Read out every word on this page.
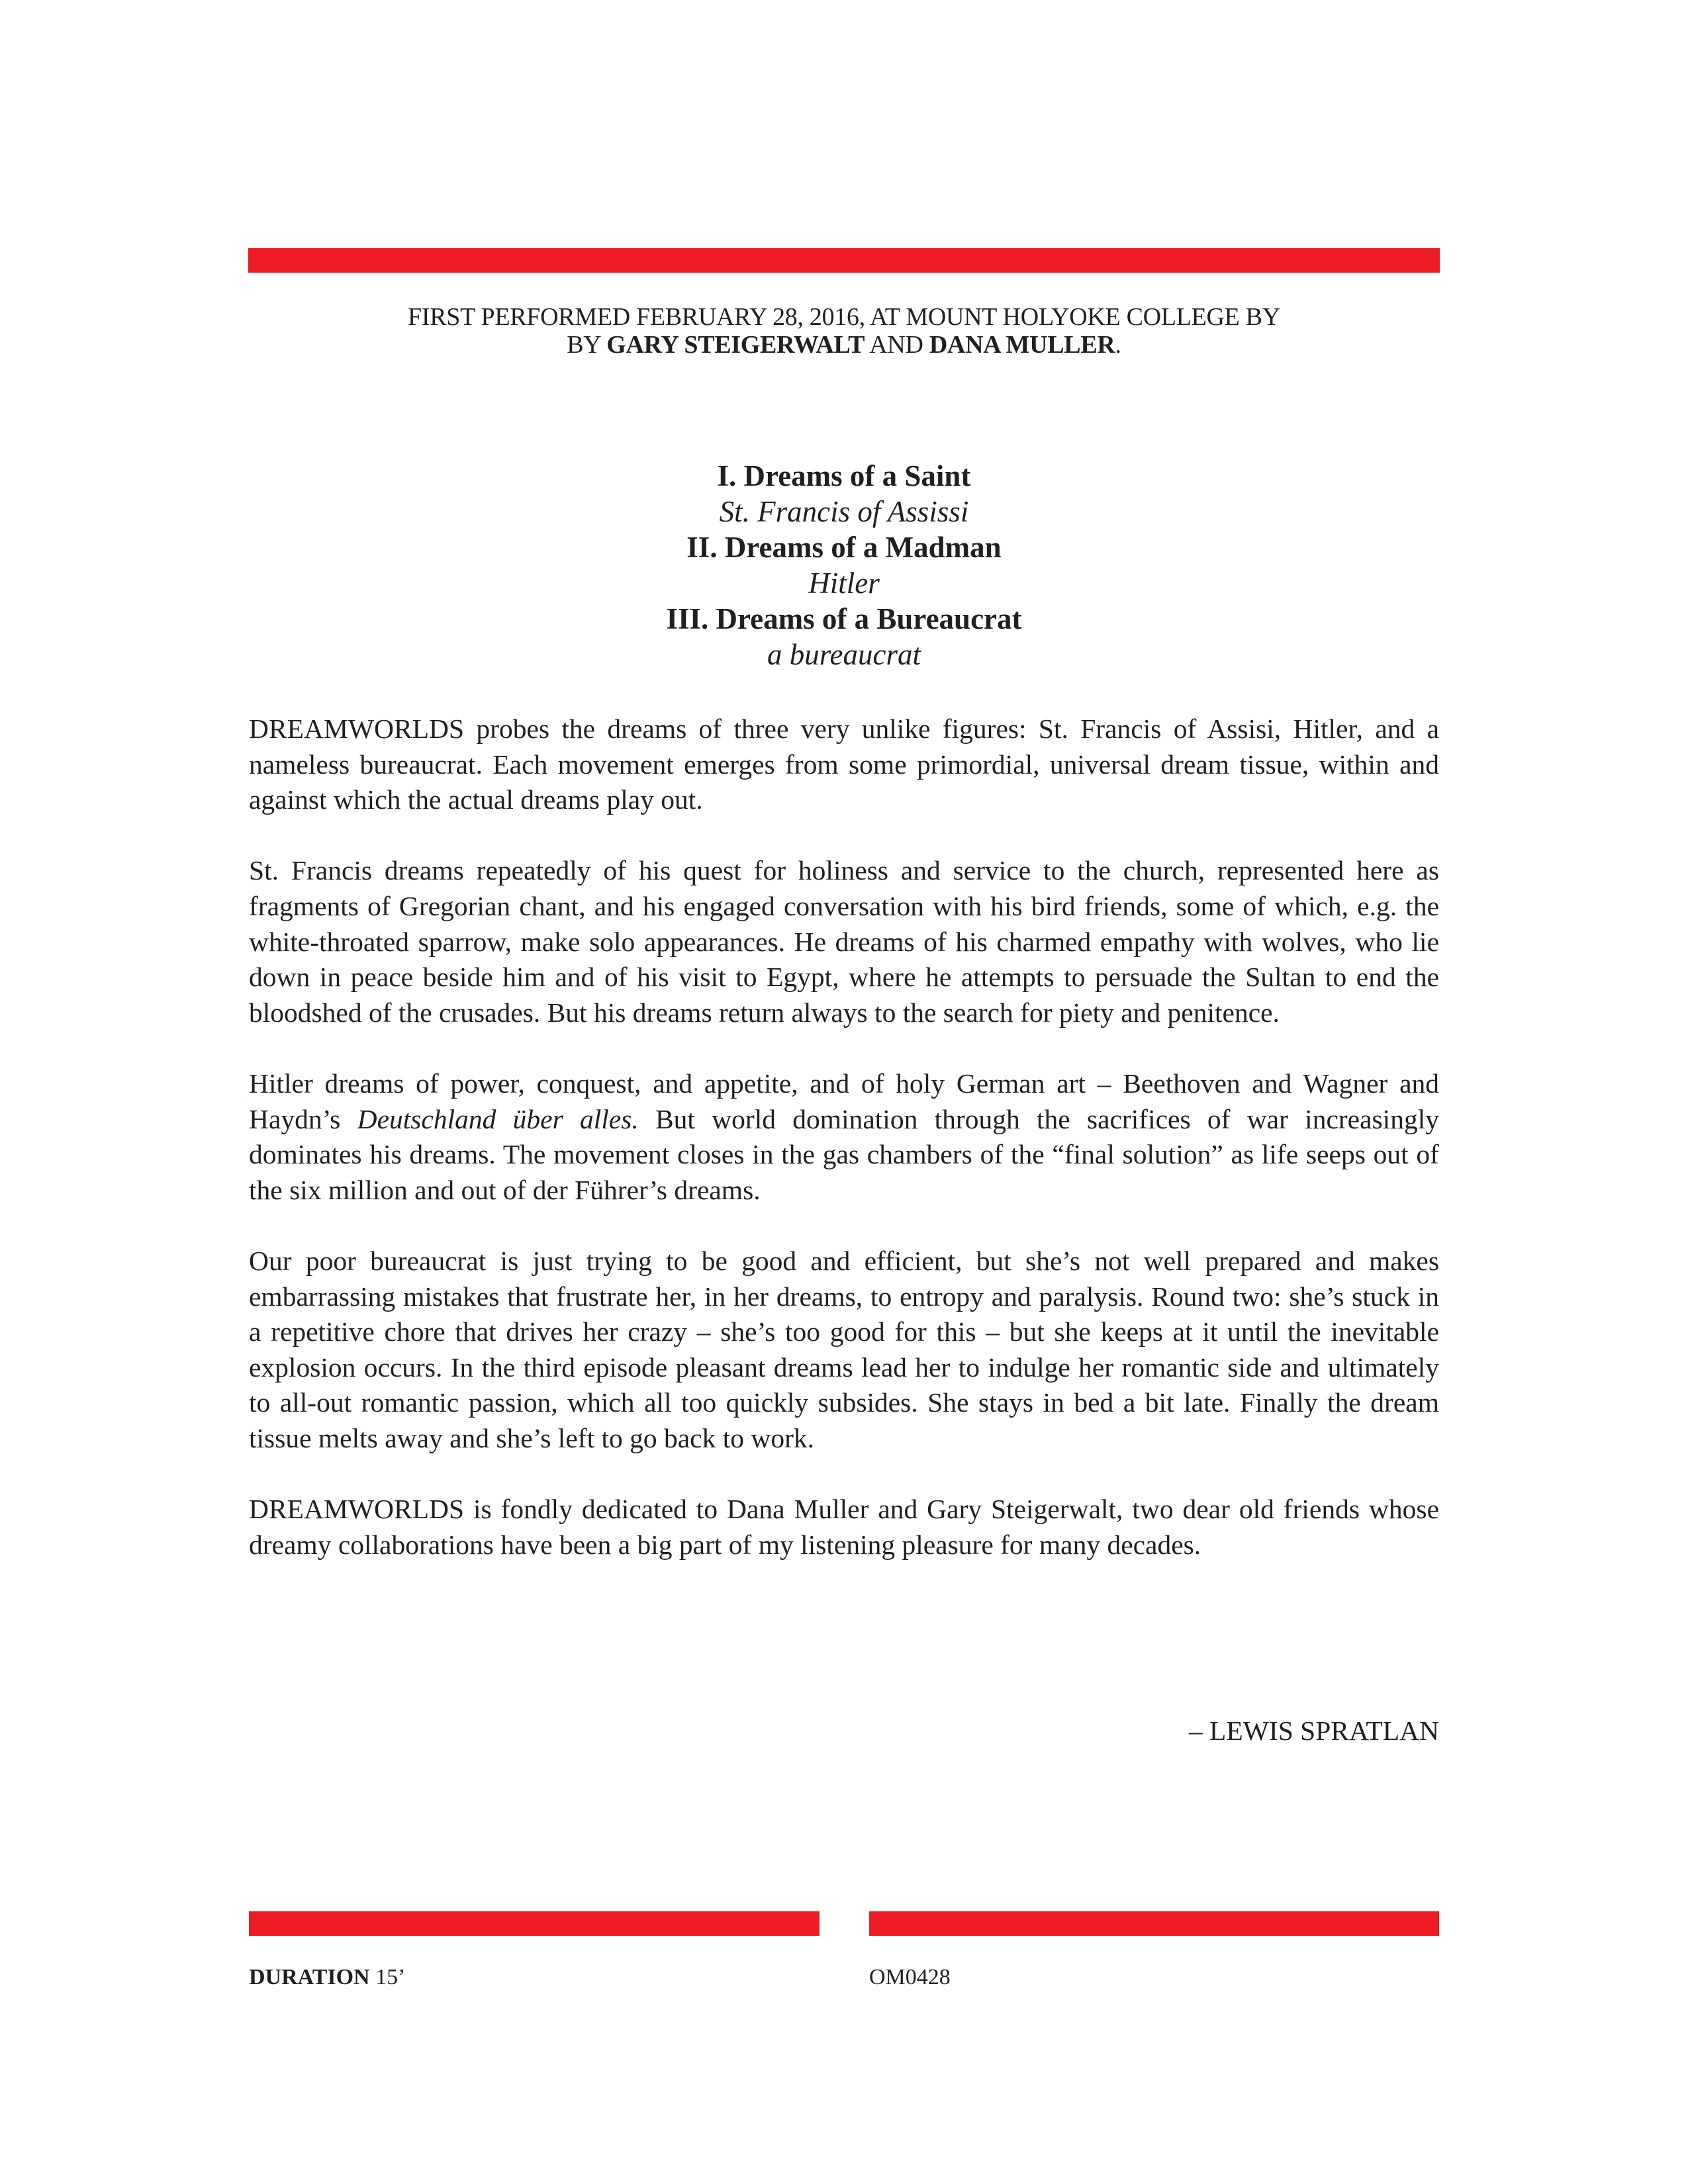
FIRST PERFORMED FEBRUARY 28, 2016, AT MOUNT HOLYOKE COLLEGE BY
BY GARY STEIGERWALT AND DANA MULLER.
I. Dreams of a Saint
St. Francis of Assissi
II. Dreams of a Madman
Hitler
III. Dreams of a Bureaucrat
a bureaucrat

DREAMWORLDS probes the dreams of three very unlike figures: St. Francis of Assisi, Hitler, and a nameless bureaucrat. Each movement emerges from some primordial, universal dream tissue, within and against which the actual dreams play out.

St. Francis dreams repeatedly of his quest for holiness and service to the church, represented here as fragments of Gregorian chant, and his engaged conversation with his bird friends, some of which, e.g. the white-throated sparrow, make solo appearances. He dreams of his charmed empathy with wolves, who lie down in peace beside him and of his visit to Egypt, where he attempts to persuade the Sultan to end the bloodshed of the crusades. But his dreams return always to the search for piety and penitence.

Hitler dreams of power, conquest, and appetite, and of holy German art – Beethoven and Wagner and Haydn’s Deutschland über alles. But world domination through the sacrifices of war increasingly dominates his dreams. The movement closes in the gas chambers of the “final solution” as life seeps out of the six million and out of der Führer’s dreams.

Our poor bureaucrat is just trying to be good and efficient, but she’s not well prepared and makes embarrassing mistakes that frustrate her, in her dreams, to entropy and paralysis. Round two: she’s stuck in a repetitive chore that drives her crazy – she’s too good for this – but she keeps at it until the inevitable explosion occurs. In the third episode pleasant dreams lead her to indulge her romantic side and ultimately to all-out romantic passion, which all too quickly subsides. She stays in bed a bit late. Finally the dream tissue melts away and she’s left to go back to work.

DREAMWORLDS is fondly dedicated to Dana Muller and Gary Steigerwalt, two dear old friends whose dreamy collaborations have been a big part of my listening pleasure for many decades.

– LEWIS SPRATLAN
DURATION 15’	OM0428
